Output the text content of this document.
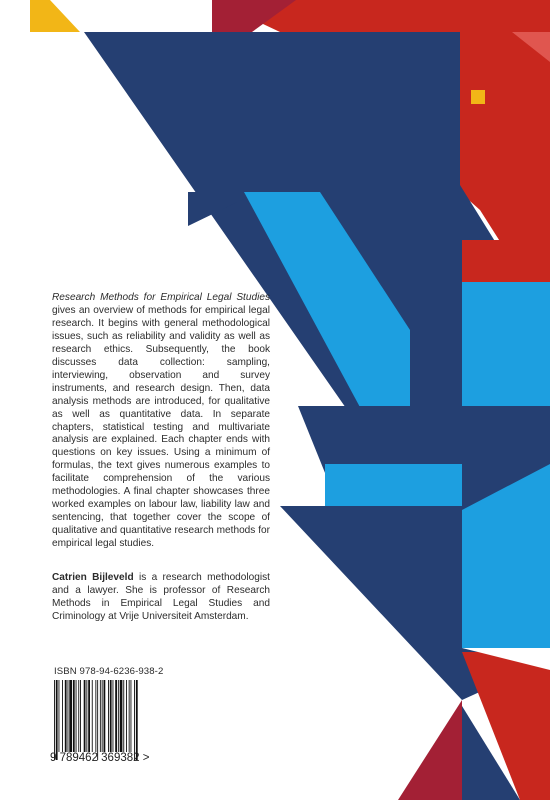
Research Methods for Empirical Legal Studies gives an overview of methods for empirical legal research. It begins with general methodological issues, such as reliability and validity as well as research ethics. Subsequently, the book discusses data collection: sampling, interviewing, observation and survey instruments, and research design. Then, data analysis methods are introduced, for qualitative as well as quantitative data. In separate chapters, statistical testing and multivariate analysis are explained. Each chapter ends with questions on key issues. Using a minimum of formulas, the text gives numerous examples to facilitate comprehension of the various methodologies. A final chapter showcases three worked examples on labour law, liability law and sentencing, that together cover the scope of qualitative and quantitative research methods for empirical legal studies.

Catrien Bijleveld is a research methodologist and a lawyer. She is professor of Research Methods in Empirical Legal Studies and Criminology at Vrije Universiteit Amsterdam.

ISBN 978-94-6236-938-2
9 789462 369382 >
